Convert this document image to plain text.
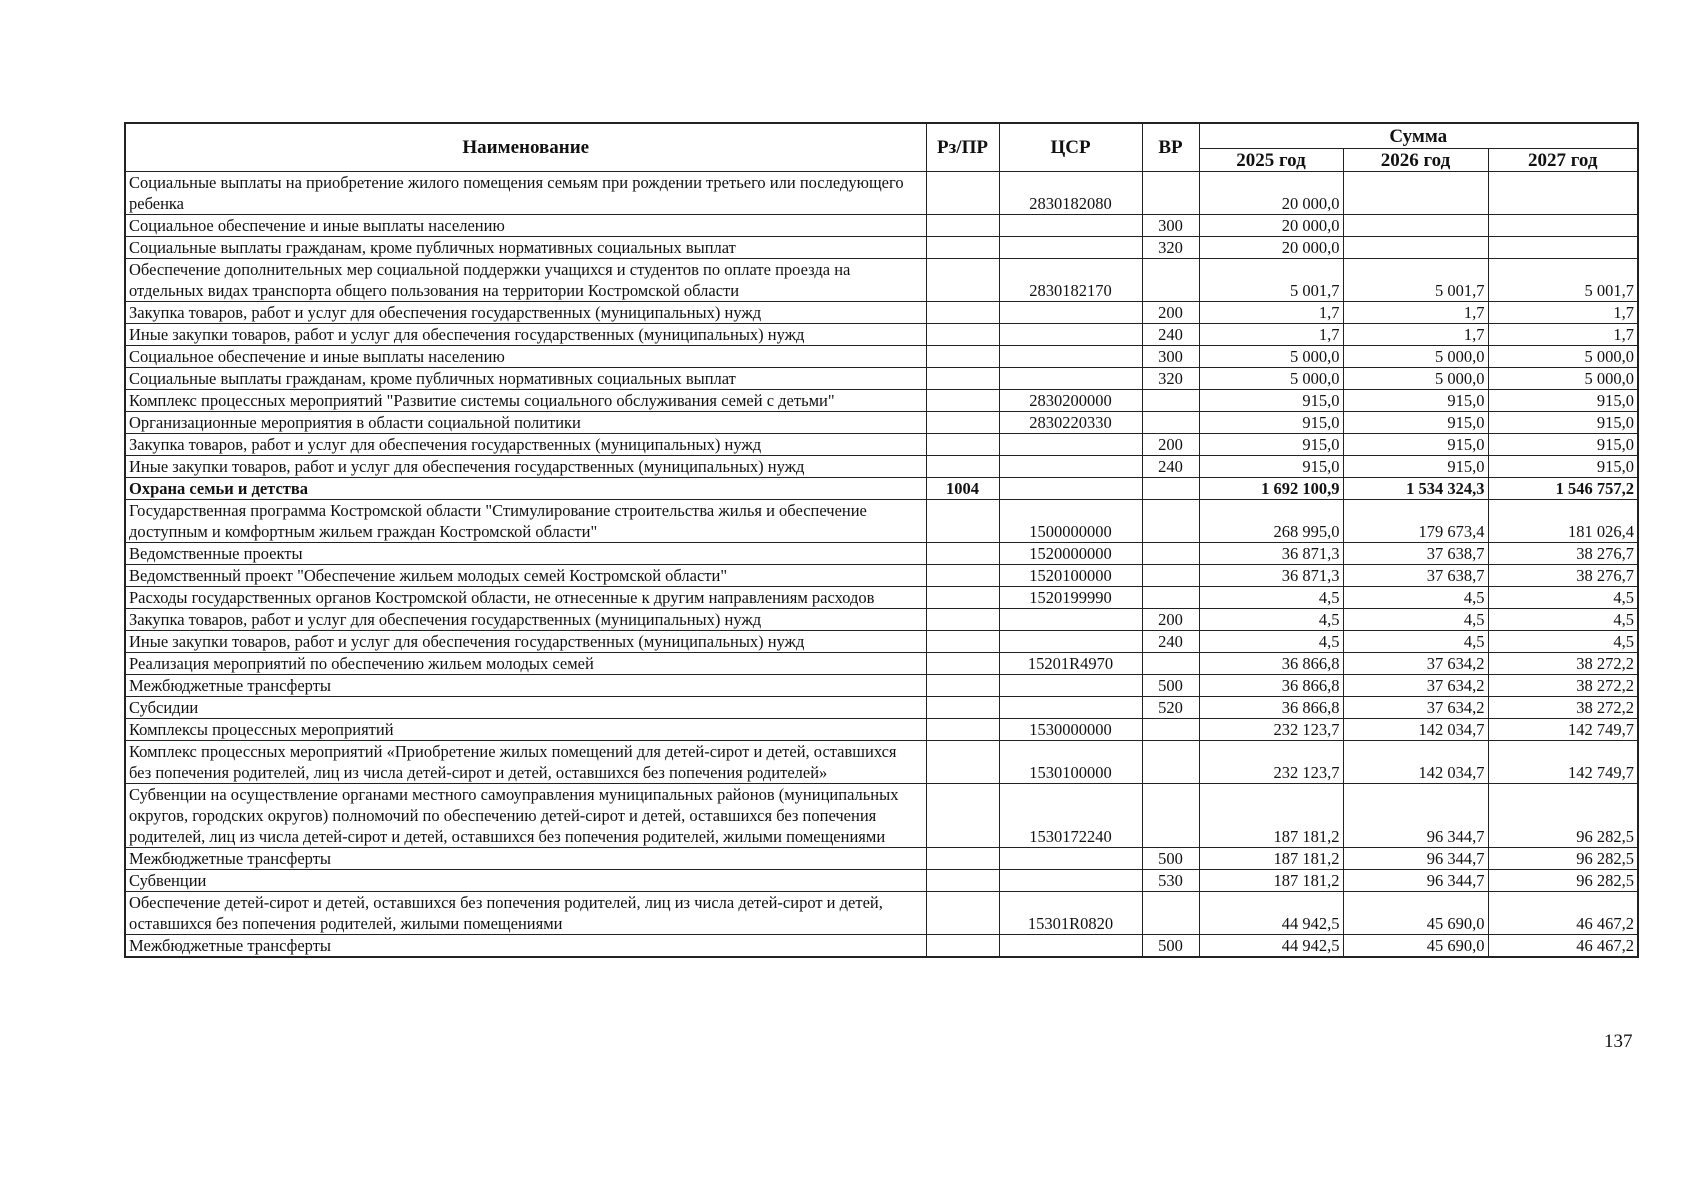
Наименование	Рз/ПР	ЦСР	ВР	Сумма		
				2025 год	2026 год	2027 год
Социальные выплаты на приобретение жилого помещения семьям при рождении третьего или последующего ребенка		2830182080		20 000,0		
Социальное обеспечение и иные выплаты населению			300	20 000,0		
Социальные выплаты гражданам, кроме публичных нормативных социальных выплат			320	20 000,0		
Обеспечение дополнительных мер социальной поддержки учащихся и студентов по оплате проезда на отдельных видах транспорта общего пользования на территории Костромской области		2830182170		5 001,7	5 001,7	5 001,7
Закупка товаров, работ и услуг для обеспечения государственных (муниципальных) нужд			200	1,7	1,7	1,7
Иные закупки товаров, работ и услуг для обеспечения государственных (муниципальных) нужд			240	1,7	1,7	1,7
Социальное обеспечение и иные выплаты населению			300	5 000,0	5 000,0	5 000,0
Социальные выплаты гражданам, кроме публичных нормативных социальных выплат			320	5 000,0	5 000,0	5 000,0
Комплекс процессных мероприятий "Развитие системы социального обслуживания семей с детьми"		2830200000		915,0	915,0	915,0
Организационные мероприятия в области социальной политики		2830220330		915,0	915,0	915,0
Закупка товаров, работ и услуг для обеспечения государственных (муниципальных) нужд			200	915,0	915,0	915,0
Иные закупки товаров, работ и услуг для обеспечения государственных (муниципальных) нужд			240	915,0	915,0	915,0
Охрана семьи и детства	1004			1 692 100,9	1 534 324,3	1 546 757,2
Государственная программа Костромской области "Стимулирование строительства жилья и обеспечение доступным и комфортным жильем граждан Костромской области"		1500000000		268 995,0	179 673,4	181 026,4
Ведомственные проекты		1520000000		36 871,3	37 638,7	38 276,7
Ведомственный проект "Обеспечение жильем молодых семей Костромской области"		1520100000		36 871,3	37 638,7	38 276,7
Расходы государственных органов Костромской области, не отнесенные к другим направлениям расходов		1520199990		4,5	4,5	4,5
Закупка товаров, работ и услуг для обеспечения государственных (муниципальных) нужд			200	4,5	4,5	4,5
Иные закупки товаров, работ и услуг для обеспечения государственных (муниципальных) нужд			240	4,5	4,5	4,5
Реализация мероприятий по обеспечению жильем молодых семей		15201R4970		36 866,8	37 634,2	38 272,2
Межбюджетные трансферты			500	36 866,8	37 634,2	38 272,2
Субсидии			520	36 866,8	37 634,2	38 272,2
Комплексы процессных мероприятий		1530000000		232 123,7	142 034,7	142 749,7
Комплекс процессных мероприятий «Приобретение жилых помещений для детей-сирот и детей, оставшихся без попечения родителей, лиц из числа детей-сирот и детей, оставшихся без попечения родителей»		1530100000		232 123,7	142 034,7	142 749,7
Субвенции на осуществление органами местного самоуправления муниципальных районов (муниципальных округов, городских округов) полномочий по обеспечению детей-сирот и детей, оставшихся без попечения родителей, лиц из числа детей-сирот и детей, оставшихся без попечения родителей, жилыми помещениями		1530172240		187 181,2	96 344,7	96 282,5
Межбюджетные трансферты			500	187 181,2	96 344,7	96 282,5
Субвенции			530	187 181,2	96 344,7	96 282,5
Обеспечение детей-сирот и детей, оставшихся без попечения родителей, лиц из числа детей-сирот и детей, оставшихся без попечения родителей, жилыми помещениями		15301R0820		44 942,5	45 690,0	46 467,2
Межбюджетные трансферты			500	44 942,5	45 690,0	46 467,2
137
